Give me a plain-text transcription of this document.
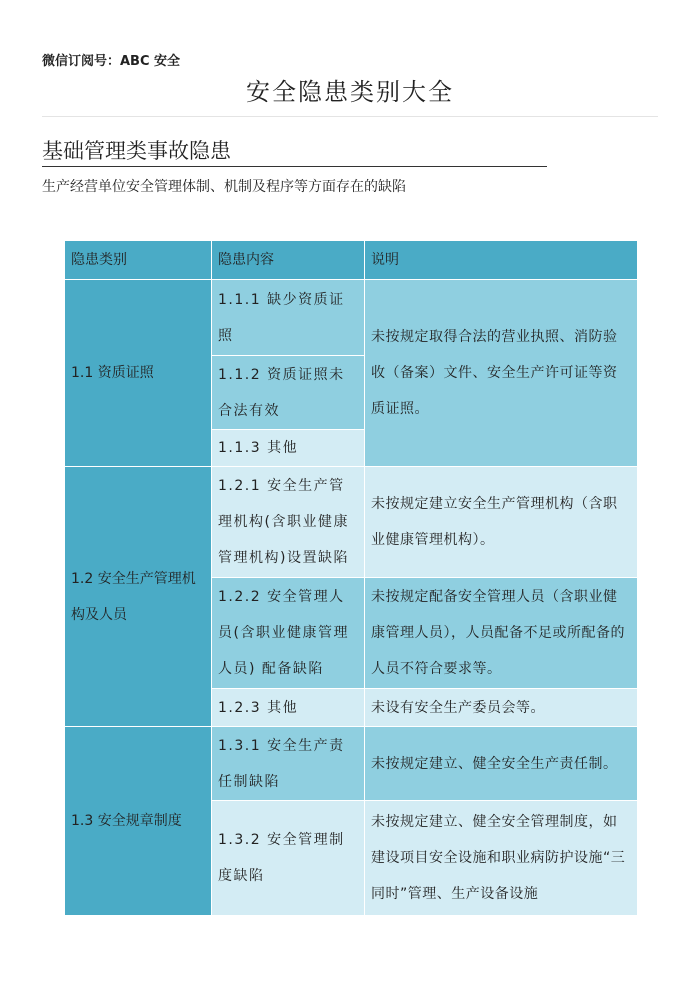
微信订阅号：ABC 安全
安全隐患类别大全
基础管理类事故隐患
生产经营单位安全管理体制、机制及程序等方面存在的缺陷
隐患类别	隐患内容	说明
1.1 资质证照	1.1.1 缺少资质证照	未按规定取得合法的营业执照、消防验收（备案）文件、安全生产许可证等资质证照。
	1.1.2 资质证照未合法有效	
	1.1.3 其他	
1.2 安全生产管理机构及人员	1.2.1 安全生产管理机构(含职业健康管理机构)设置缺陷	未按规定建立安全生产管理机构（含职业健康管理机构）。
	1.2.2 安全管理人员(含职业健康管理人员) 配备缺陷	未按规定配备安全管理人员（含职业健康管理人员），人员配备不足或所配备的人员不符合要求等。
	1.2.3 其他	未设有安全生产委员会等。
1.3 安全规章制度	1.3.1 安全生产责任制缺陷	未按规定建立、健全安全生产责任制。
	1.3.2 安全管理制度缺陷	未按规定建立、健全安全管理制度，如建设项目安全设施和职业病防护设施“三同时”管理、生产设备设施
